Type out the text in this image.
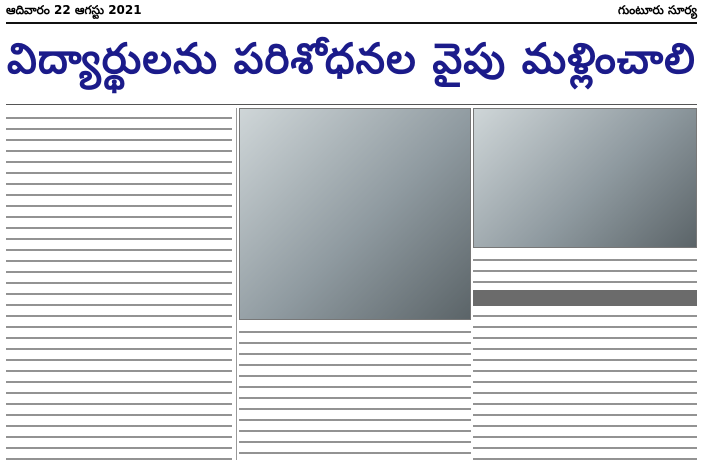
ఆదివారం 22 ఆగస్టు 2021	గుంటూరు సూర్య
విద్యార్థులను పరిశోధనల వైపు మళ్లించాలి
